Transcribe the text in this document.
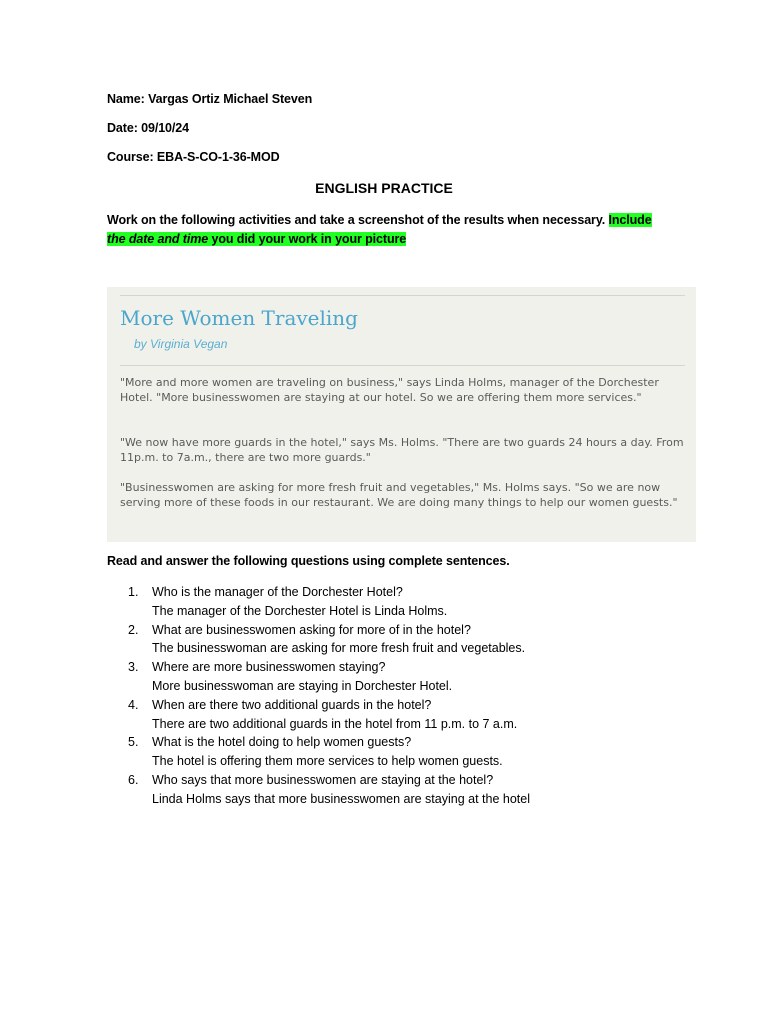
Name: Vargas Ortiz Michael Steven
Date: 09/10/24
Course: EBA-S-CO-1-36-MOD
ENGLISH PRACTICE
Work on the following activities and take a screenshot of the results when necessary. Include
the date and time you did your work in your picture
More Women Traveling
by Virginia Vegan
"More and more women are traveling on business," says Linda Holms, manager of the Dorchester Hotel. "More businesswomen are staying at our hotel. So we are offering them more services."
"We now have more guards in the hotel," says Ms. Holms. "There are two guards 24 hours a day. From 11p.m. to 7a.m., there are two more guards."
"Businesswomen are asking for more fresh fruit and vegetables," Ms. Holms says. "So we are now serving more of these foods in our restaurant. We are doing many things to help our women guests."
Read and answer the following questions using complete sentences.
1.	Who is the manager of the Dorchester Hotel?
The manager of the Dorchester Hotel is Linda Holms.
2.	What are businesswomen asking for more of in the hotel?
The businesswoman are asking for more fresh fruit and vegetables.
3.	Where are more businesswomen staying?
More businesswoman are staying in Dorchester Hotel.
4.	When are there two additional guards in the hotel?
There are two additional guards in the hotel from 11 p.m. to 7 a.m.
5.	What is the hotel doing to help women guests?
The hotel is offering them more services to help women guests.
6.	Who says that more businesswomen are staying at the hotel?
Linda Holms says that more businesswomen are staying at the hotel
